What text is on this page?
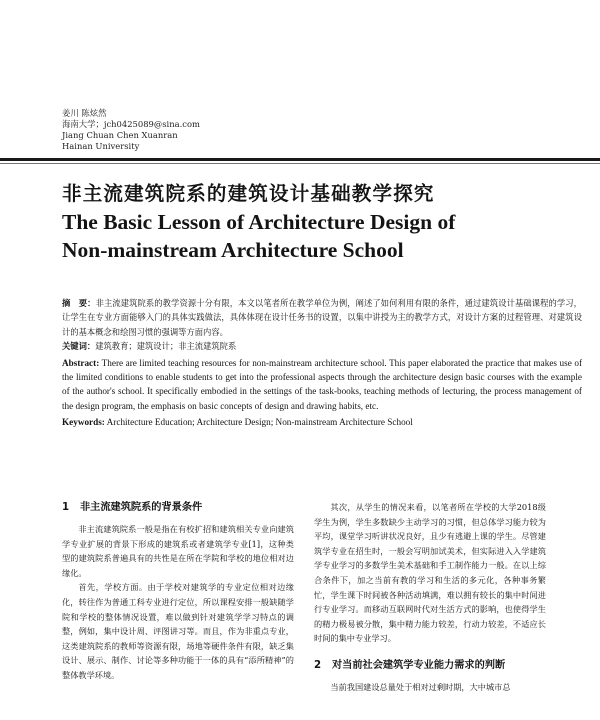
姜川 陈炫然
海南大学；jch0425089@sina.com
Jiang Chuan Chen Xuanran
Hainan University
非主流建筑院系的建筑设计基础教学探究
The Basic Lesson of Architecture Design of
Non-mainstream Architecture School

摘　要：非主流建筑院系的教学资源十分有限，本文以笔者所在教学单位为例，阐述了如何利用有限的条件，通过建筑设计基础课程的学习，让学生在专业方面能够入门的具体实践做法，具体体现在设计任务书的设置，以集中讲授为主的教学方式，对设计方案的过程管理、对建筑设计的基本概念和绘图习惯的强调等方面内容。

关键词：建筑教育；建筑设计；非主流建筑院系

Abstract: There are limited teaching resources for non-mainstream architecture school. This paper elaborated the practice that makes use of the limited conditions to enable students to get into the professional aspects through the architecture design basic courses with the example of the author's school. It specifically embodied in the settings of the task-books, teaching methods of lecturing, the process management of the design program, the emphasis on basic concepts of design and drawing habits, etc.

Keywords: Architecture Education; Architecture Design; Non-mainstream Architecture School

1 非主流建筑院系的背景条件

非主流建筑院系一般是指在有校扩招和建筑相关专业向建筑学专业扩展的背景下形成的建筑系或者建筑学专业[1]，这种类型的建筑院系普遍具有的共性是在所在学院和学校的地位相对边缘化。

首先，学校方面。由于学校对建筑学的专业定位相对边缘化，转往作为普通工科专业进行定位，所以课程安排一般缺随学院和学校的整体情况设置，难以做到针对建筑学学习特点的调整，例如，集中设计周、评图讲习等。而且，作为非重点专业，这类建筑院系的教师等资源有限，场地等硬件条件有限，缺乏集设计、展示、制作、讨论等多种功能于一体的具有“添所精神”的整体教学环境。

其次，从学生的情况来看，以笔者所在学校的大学2018级学生为例，学生多数缺少主动学习的习惯，但总体学习能力较为平均，课堂学习听讲状况良好，且少有逃避上课的学生。尽管建筑学专业在招生时，一般会写明加试美术，但实际进入入学建筑学专业学习的多数学生美术基础和手工制作能力一般。在以上综合条件下，加之当前有教的学习和生活的多元化，各种事务繁忙，学生课下时间被各种活动填满，难以拥有较长的集中时间进行专业学习。而移动互联网时代对生活方式的影响，也使得学生的精力极易被分散，集中精力能力较差，行动力较差，不适应长时间的集中专业学习。

2 对当前社会建筑学专业能力需求的判断

当前我国建设总量处于相对过剩时期，大中城市总
